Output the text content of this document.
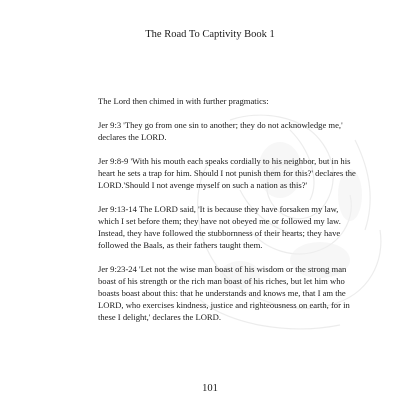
The Road To Captivity Book 1

The Lord then chimed in with further pragmatics:

Jer 9:3 'They go from one sin to another; they do not acknowledge me,' declares the LORD.

Jer 9:8-9 'With his mouth each speaks cordially to his neighbor, but in his heart he sets a trap for him. Should I not punish them for this?' declares the LORD.'Should I not avenge myself on such a nation as this?'

Jer 9:13-14 The LORD said, 'It is because they have forsaken my law, which I set before them; they have not obeyed me or followed my law. Instead, they have followed the stubbornness of their hearts; they have followed the Baals, as their fathers taught them.

Jer 9:23-24 'Let not the wise man boast of his wisdom or the strong man boast of his strength or the rich man boast of his riches, but let him who boasts boast about this: that he understands and knows me, that I am the LORD, who exercises kindness, justice and righteousness on earth, for in these I delight,' declares the LORD.

101
